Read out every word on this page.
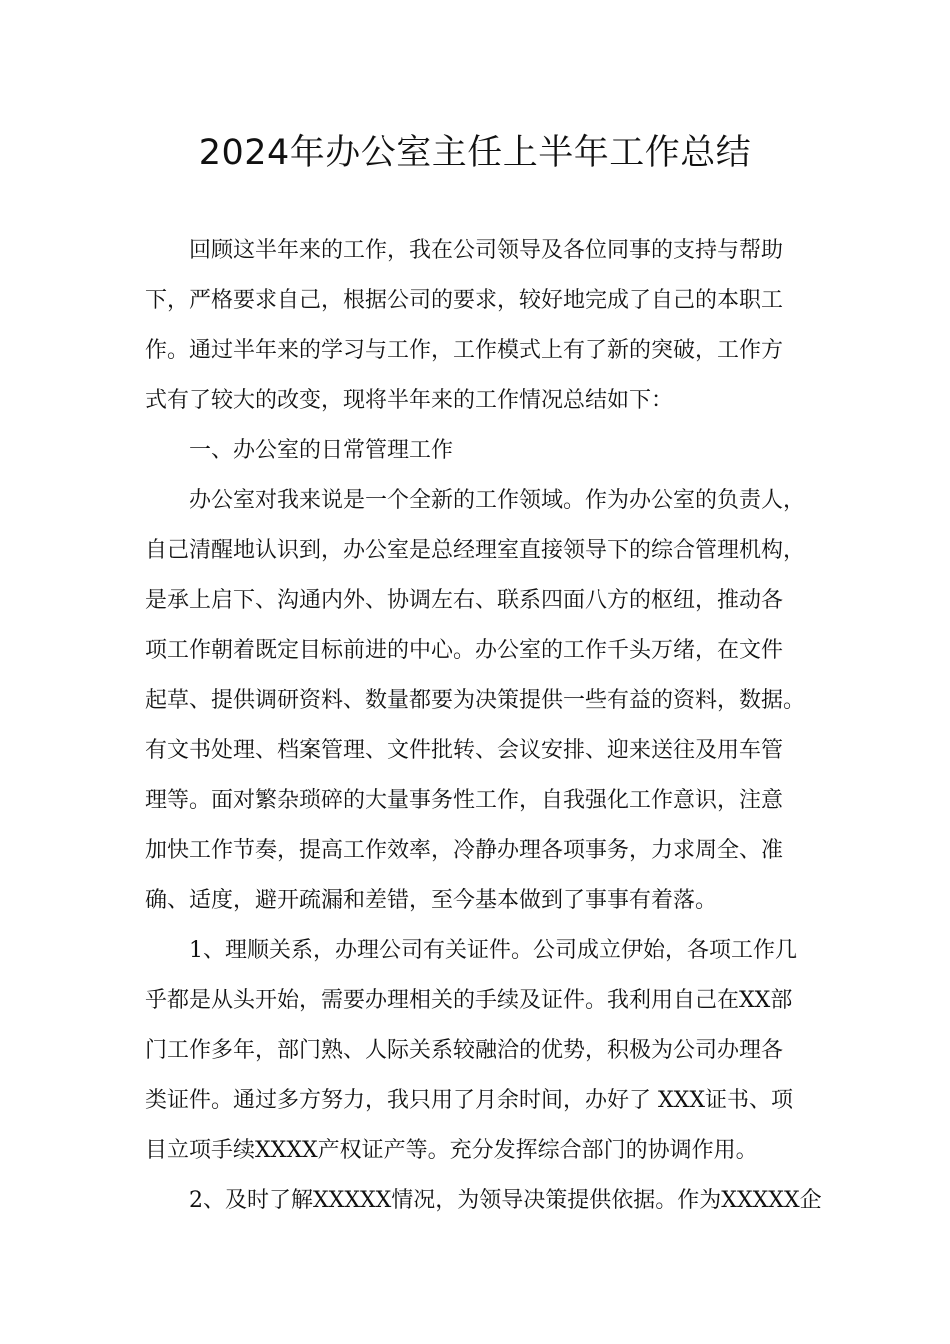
2024年办公室主任上半年工作总结
回顾这半年来的工作，我在公司领导及各位同事的支持与帮助
下，严格要求自己，根据公司的要求，较好地完成了自己的本职工
作。通过半年来的学习与工作，工作模式上有了新的突破，工作方
式有了较大的改变，现将半年来的工作情况总结如下：
一、办公室的日常管理工作
办公室对我来说是一个全新的工作领域。作为办公室的负责人，
自己清醒地认识到，办公室是总经理室直接领导下的综合管理机构，
是承上启下、沟通内外、协调左右、联系四面八方的枢纽，推动各
项工作朝着既定目标前进的中心。办公室的工作千头万绪，在文件
起草、提供调研资料、数量都要为决策提供一些有益的资料，数据。
有文书处理、档案管理、文件批转、会议安排、迎来送往及用车管
理等。面对繁杂琐碎的大量事务性工作，自我强化工作意识，注意
加快工作节奏，提高工作效率，冷静办理各项事务，力求周全、准
确、适度，避开疏漏和差错，至今基本做到了事事有着落。
1、理顺关系，办理公司有关证件。公司成立伊始，各项工作几
乎都是从头开始，需要办理相关的手续及证件。我利用自己在XX部
门工作多年，部门熟、人际关系较融洽的优势，积极为公司办理各
类证件。通过多方努力，我只用了月余时间，办好了 XXX证书、项
目立项手续XXXX产权证产等。充分发挥综合部门的协调作用。
2、及时了解XXXXX情况，为领导决策提供依据。作为XXXXX企
